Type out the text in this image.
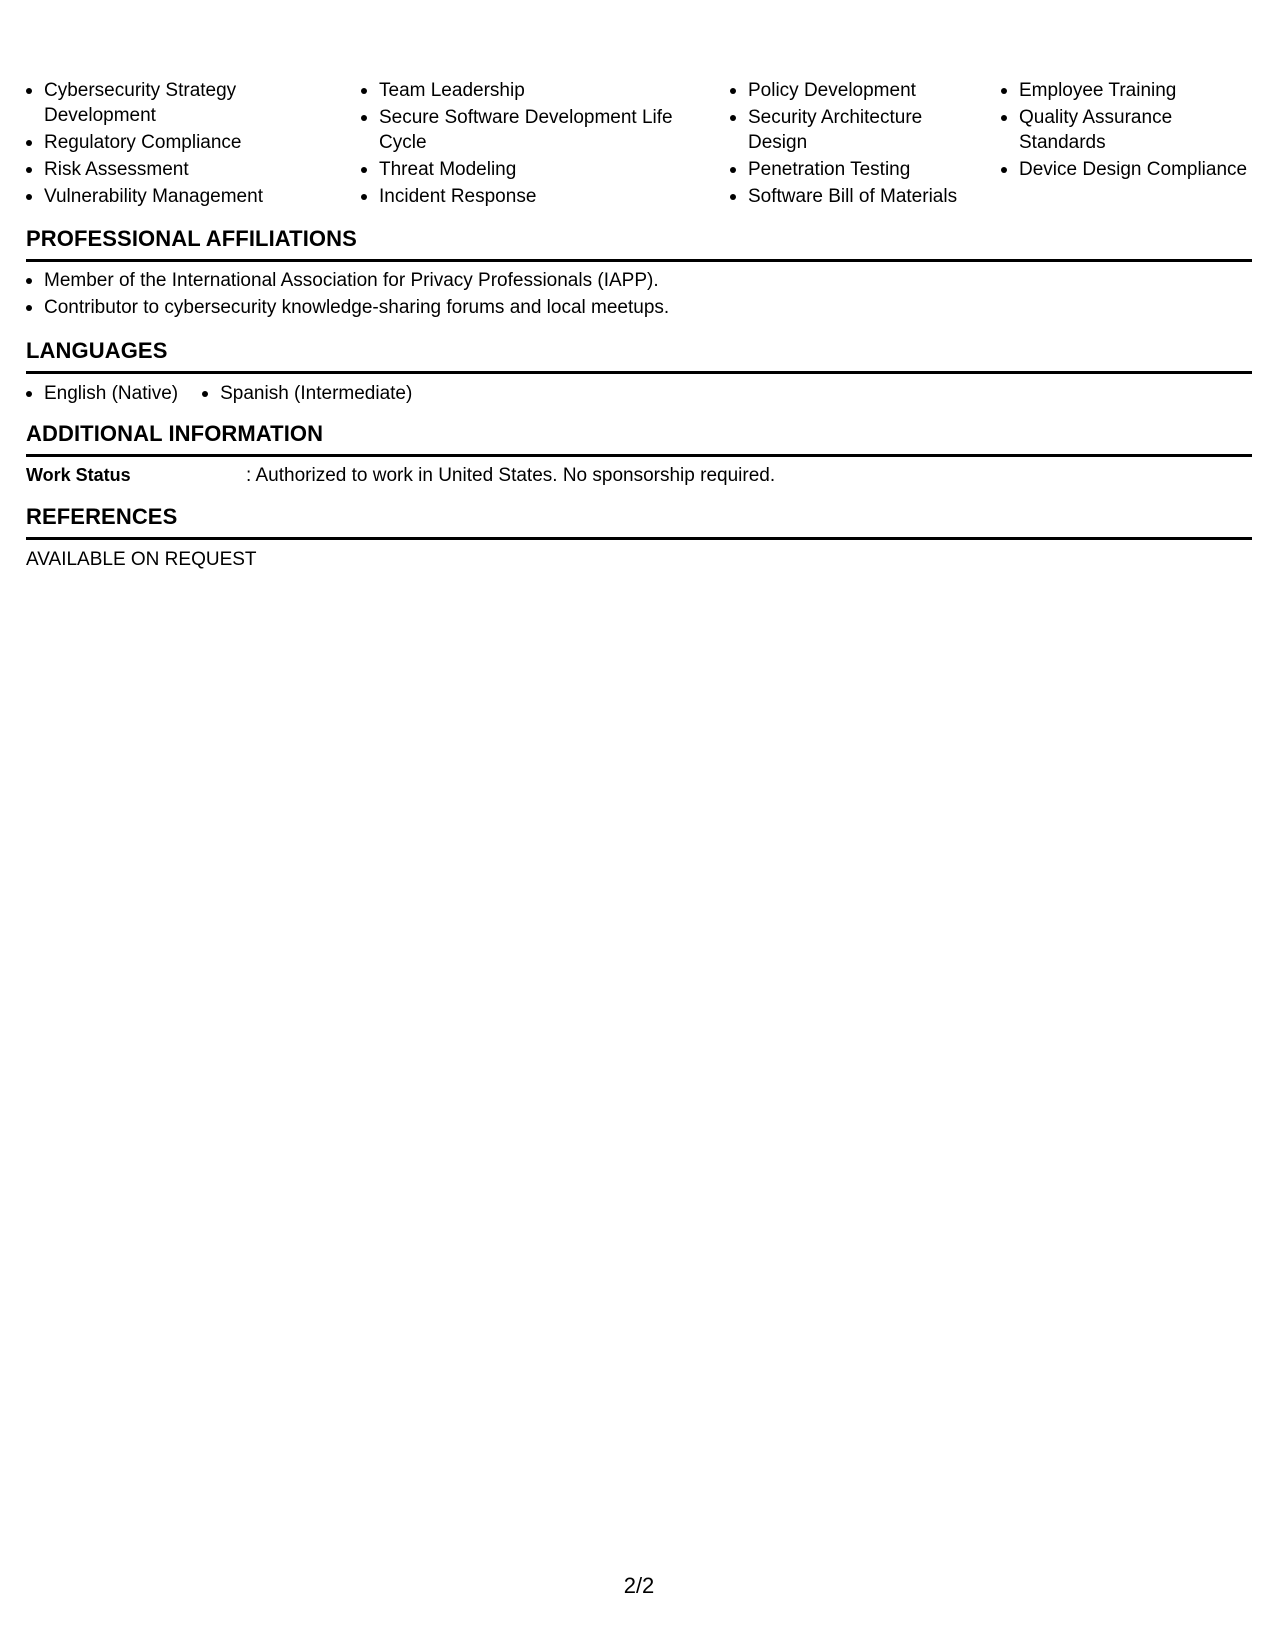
Cybersecurity Strategy Development
Regulatory Compliance
Risk Assessment
Vulnerability Management
Team Leadership
Secure Software Development Life Cycle
Threat Modeling
Incident Response
Policy Development
Security Architecture Design
Penetration Testing
Software Bill of Materials
Employee Training
Quality Assurance Standards
Device Design Compliance
PROFESSIONAL AFFILIATIONS
Member of the International Association for Privacy Professionals (IAPP).
Contributor to cybersecurity knowledge-sharing forums and local meetups.
LANGUAGES
English (Native)	Spanish (Intermediate)
ADDITIONAL INFORMATION
Work Status	: Authorized to work in United States. No sponsorship required.
REFERENCES
AVAILABLE ON REQUEST
2/2
